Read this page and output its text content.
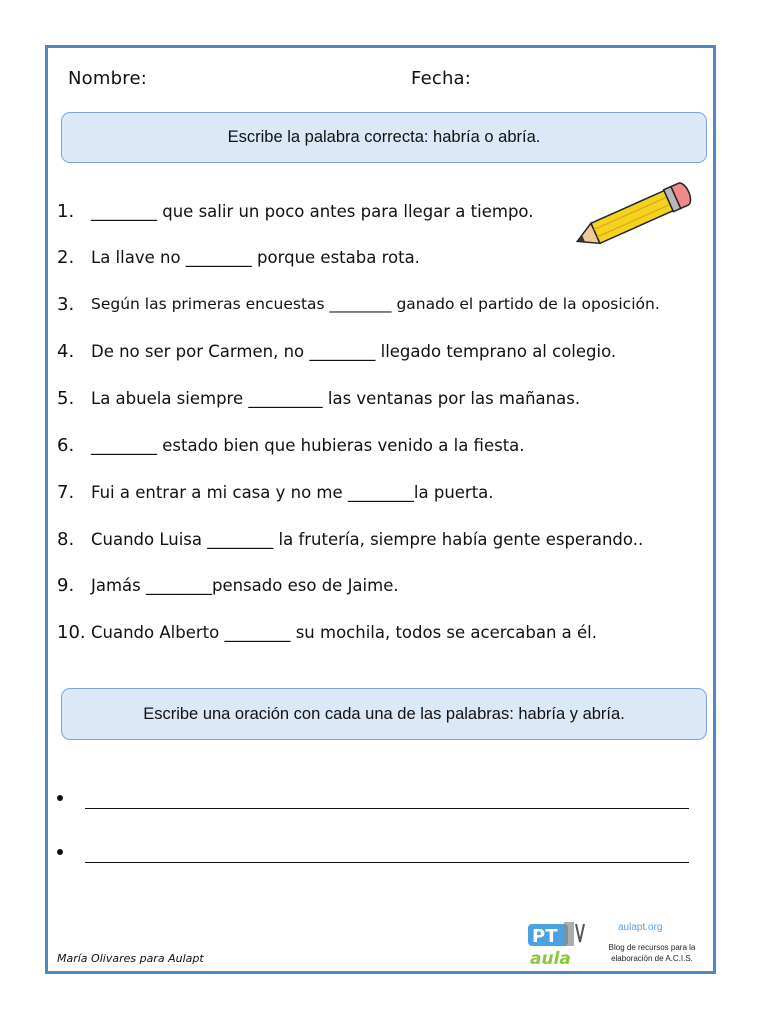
Nombre:	Fecha:
Escribe la palabra correcta: habría o abría.
1.	________ que salir un poco antes para llegar a tiempo.
2.	La llave no ________ porque estaba rota.
3.	Según las primeras encuestas ________ ganado el partido de la oposición.
4.	De no ser por Carmen, no ________ llegado temprano al colegio.
5.	La abuela siempre _________ las ventanas por las mañanas.
6.	________ estado bien que hubieras venido a la fiesta.
7.	Fui a entrar a mi casa y no me ________la puerta.
8.	Cuando Luisa ________ la frutería, siempre había gente esperando..
9.	Jamás ________pensado eso de Jaime.
10. Cuando Alberto ________ su mochila, todos se acercaban a él.
Escribe una oración con cada una de las palabras: habría y abría.
María Olivares para Aulapt
PT
aula
aulapt.org
Blog de recursos para la
elaboración de A.C.I.S.
